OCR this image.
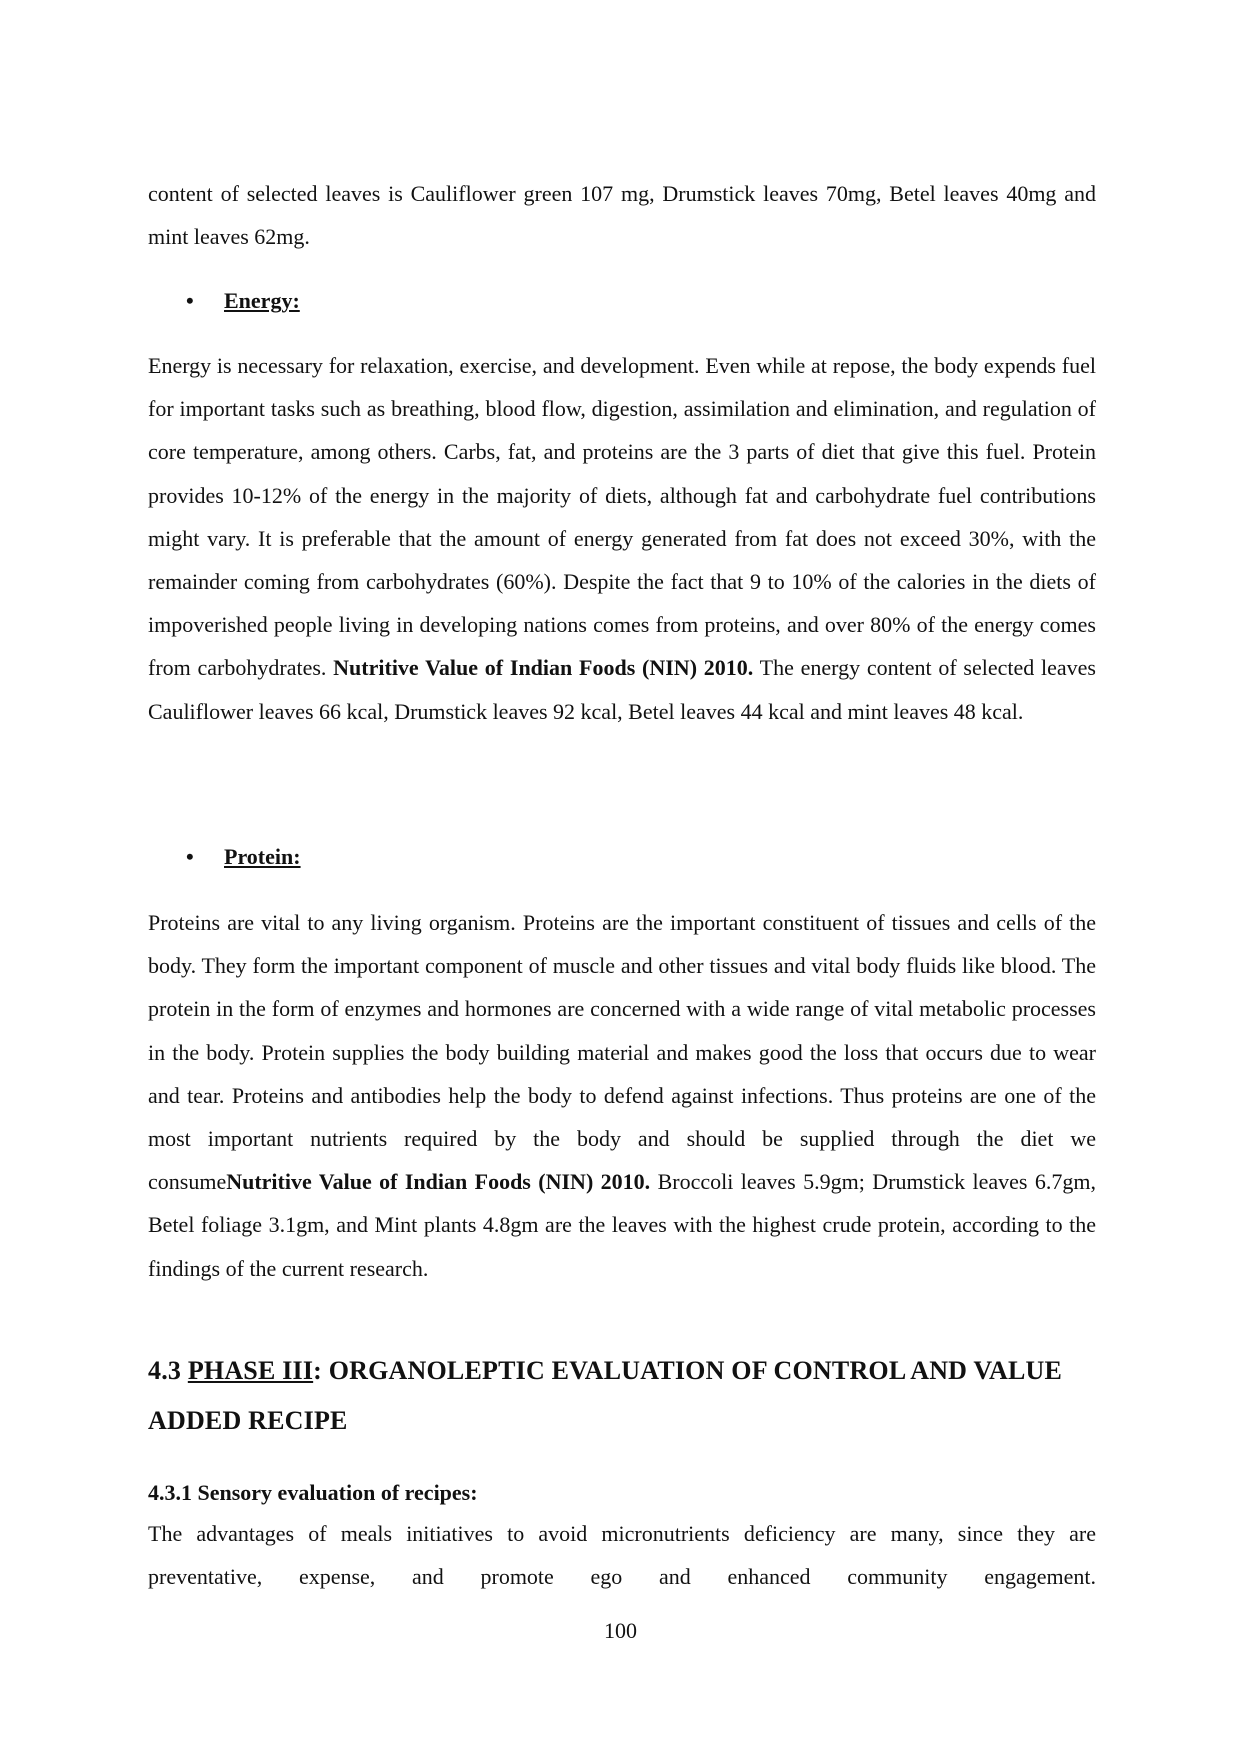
content of selected leaves is Cauliflower green 107 mg, Drumstick leaves 70mg, Betel leaves 40mg and mint leaves 62mg.

• Energy:

Energy is necessary for relaxation, exercise, and development. Even while at repose, the body expends fuel for important tasks such as breathing, blood flow, digestion, assimilation and elimination, and regulation of core temperature, among others. Carbs, fat, and proteins are the 3 parts of diet that give this fuel. Protein provides 10-12% of the energy in the majority of diets, although fat and carbohydrate fuel contributions might vary. It is preferable that the amount of energy generated from fat does not exceed 30%, with the remainder coming from carbohydrates (60%). Despite the fact that 9 to 10% of the calories in the diets of impoverished people living in developing nations comes from proteins, and over 80% of the energy comes from carbohydrates. Nutritive Value of Indian Foods (NIN) 2010. The energy content of selected leaves Cauliflower leaves 66 kcal, Drumstick leaves 92 kcal, Betel leaves 44 kcal and mint leaves 48 kcal.

• Protein:

Proteins are vital to any living organism. Proteins are the important constituent of tissues and cells of the body. They form the important component of muscle and other tissues and vital body fluids like blood. The protein in the form of enzymes and hormones are concerned with a wide range of vital metabolic processes in the body. Protein supplies the body building material and makes good the loss that occurs due to wear and tear. Proteins and antibodies help the body to defend against infections. Thus proteins are one of the most important nutrients required by the body and should be supplied through the diet we consumeNutritive Value of Indian Foods (NIN) 2010. Broccoli leaves 5.9gm; Drumstick leaves 6.7gm, Betel foliage 3.1gm, and Mint plants 4.8gm are the leaves with the highest crude protein, according to the findings of the current research.

4.3 PHASE III: ORGANOLEPTIC EVALUATION OF CONTROL AND VALUE ADDED RECIPE
4.3.1 Sensory evaluation of recipes:

The advantages of meals initiatives to avoid micronutrients deficiency are many, since they are preventative, expense, and promote ego and enhanced community engagement.

100
